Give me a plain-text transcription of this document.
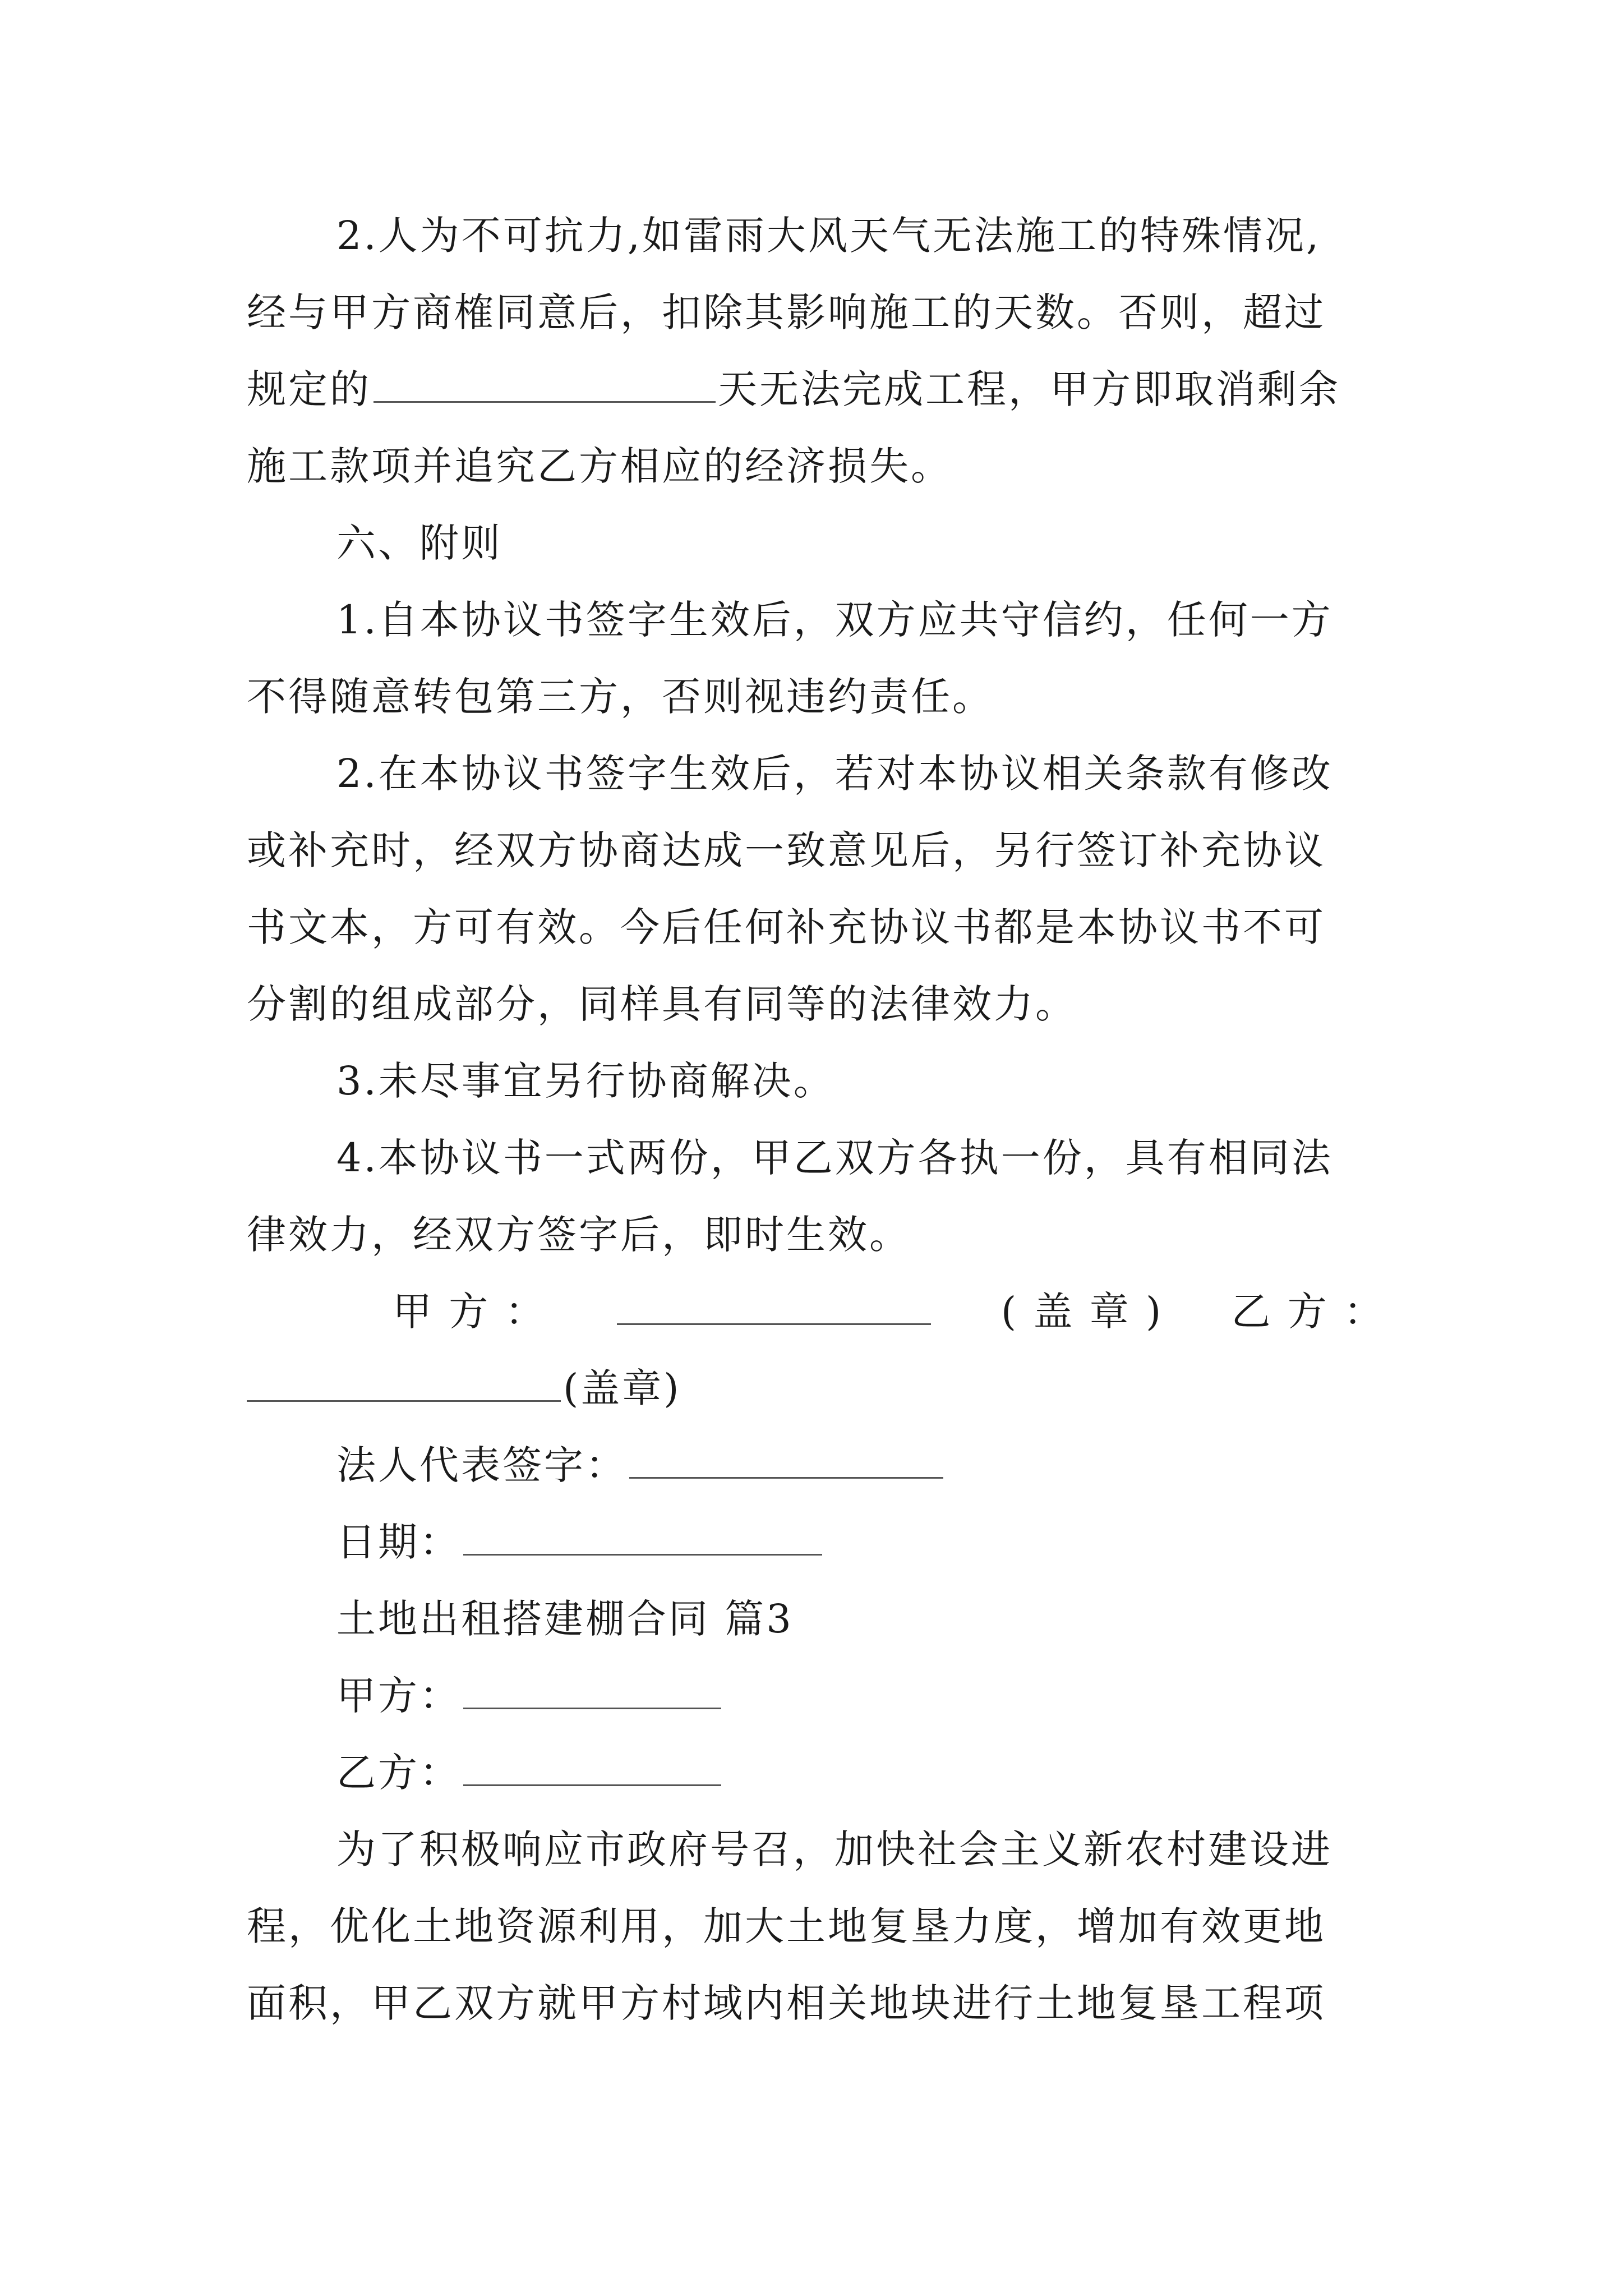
2.人为不可抗力,如雷雨大风天气无法施工的特殊情况,
经与甲方商榷同意后，扣除其影响施工的天数。否则，超过
规定的	天无法完成工程，甲方即取消剩余
施工款项并追究乙方相应的经济损失。
六、附则
1.自本协议书签字生效后，双方应共守信约，任何一方
不得随意转包第三方，否则视违约责任。
2.在本协议书签字生效后，若对本协议相关条款有修改
或补充时，经双方协商达成一致意见后，另行签订补充协议
书文本，方可有效。今后任何补充协议书都是本协议书不可
分割的组成部分，同样具有同等的法律效力。
3.未尽事宜另行协商解决。
4.本协议书一式两份，甲乙双方各执一份，具有相同法
律效力，经双方签字后，即时生效。
甲 方 ：	( 盖 章 ) 乙 方 ：
(盖章)
法人代表签字：
日期：
土地出租搭建棚合同 篇3
甲方：
乙方：
为了积极响应市政府号召，加快社会主义新农村建设进
程，优化土地资源利用，加大土地复垦力度，增加有效更地
面积，甲乙双方就甲方村域内相关地块进行土地复垦工程项
